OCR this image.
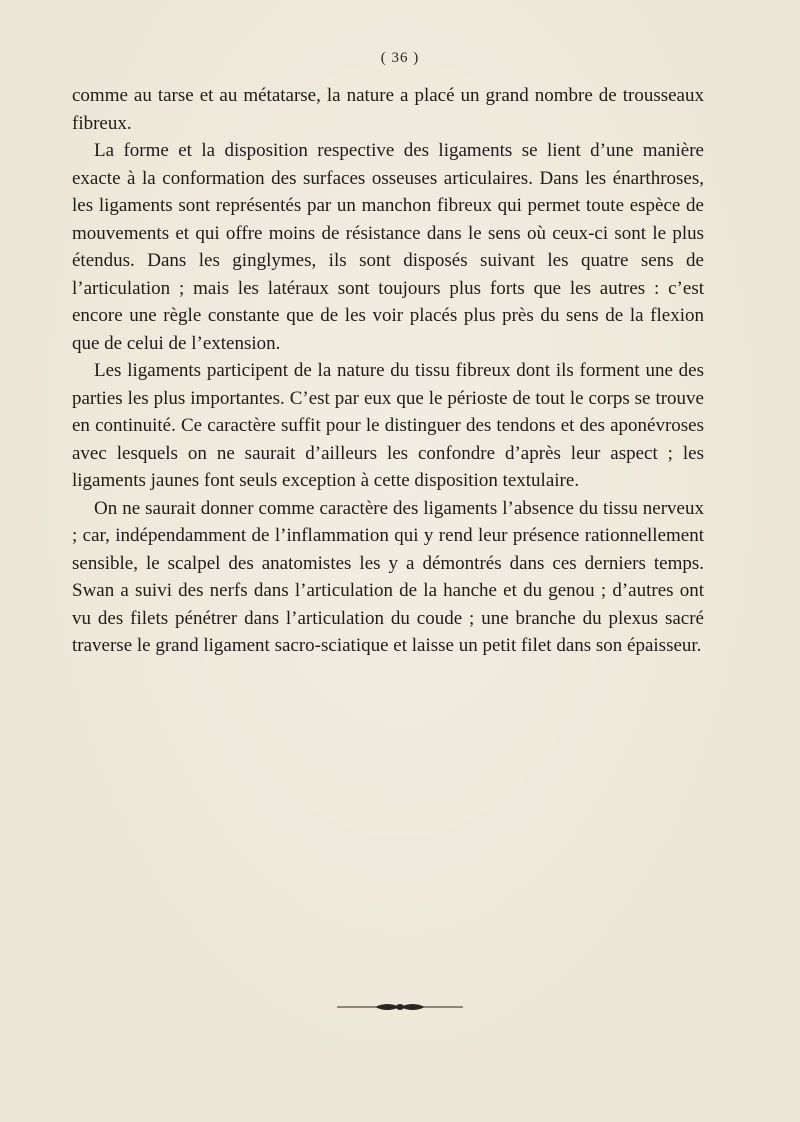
( 36 )

comme au tarse et au métatarse, la nature a placé un grand nombre de trousseaux fibreux.

La forme et la disposition respective des ligaments se lient d’une manière exacte à la conformation des surfaces osseuses articulaires. Dans les énarthroses, les ligaments sont représentés par un manchon fibreux qui permet toute espèce de mouvements et qui offre moins de résistance dans le sens où ceux-ci sont le plus étendus. Dans les ginglymes, ils sont disposés suivant les quatre sens de l’articulation ; mais les latéraux sont toujours plus forts que les autres : c’est encore une règle constante que de les voir placés plus près du sens de la flexion que de celui de l’extension.

Les ligaments participent de la nature du tissu fibreux dont ils forment une des parties les plus importantes. C’est par eux que le périoste de tout le corps se trouve en continuité. Ce caractère suffit pour le distinguer des tendons et des aponévroses avec lesquels on ne saurait d’ailleurs les confondre d’après leur aspect ; les ligaments jaunes font seuls exception à cette disposition textulaire.

On ne saurait donner comme caractère des ligaments l’absence du tissu nerveux ; car, indépendamment de l’inflammation qui y rend leur présence rationnellement sensible, le scalpel des anatomistes les y a démontrés dans ces derniers temps. Swan a suivi des nerfs dans l’articulation de la hanche et du genou ; d’autres ont vu des filets pénétrer dans l’articulation du coude ; une branche du plexus sacré traverse le grand ligament sacro-sciatique et laisse un petit filet dans son épaisseur.
